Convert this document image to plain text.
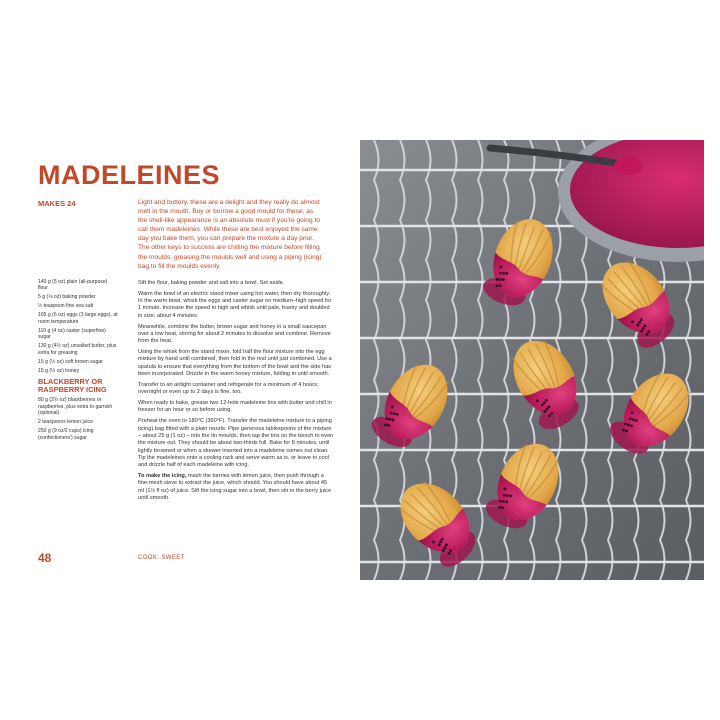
MADELEINES
MAKES 24	Light and buttery, these are a delight and they really do almost melt in the mouth. Buy or borrow a good mould for these, as the shell-like appearance is an absolute must if you're going to call them madeleines. While these are best enjoyed the same day you bake them, you can prepare the mixture a day prior. The other keys to success are chilling the mixture before filling the moulds, greasing the moulds well and using a piping (icing) bag to fill the moulds evenly.

140 g (5 oz) plain (all-purpose) flour
5 g (⅛ oz) baking powder
½ teaspoon fine sea salt
165 g (6 oz) eggs (3 large eggs), at room temperature
110 g (4 oz) caster (superfine) sugar
130 g (4½ oz) unsalted butter, plus extra for greasing
15 g (½ oz) soft brown sugar
15 g (½ oz) honey
BLACKBERRY OR RASPBERRY ICING
80 g (2¾ oz) blackberries or raspberries, plus extra to garnish (optional)
2 teaspoons lemon juice
250 g (9 oz/2 cups) icing (confectioners') sugar

Sift the flour, baking powder and salt into a bowl. Set aside.

Warm the bowl of an electric stand mixer using hot water, then dry thoroughly. In the warm bowl, whisk the eggs and caster sugar on medium–high speed for 1 minute. Increase the speed to high and whisk until pale, foamy and doubled in size, about 4 minutes.

Meanwhile, combine the butter, brown sugar and honey in a small saucepan over a low heat, stirring for about 2 minutes to dissolve and combine. Remove from the heat.

Using the whisk from the stand mixer, fold half the flour mixture into the egg mixture by hand until combined, then fold in the rest until just combined. Use a spatula to ensure that everything from the bottom of the bowl and the side has been incorporated. Drizzle in the warm honey mixture, folding in until smooth.

Transfer to an airtight container and refrigerate for a minimum of 4 hours; overnight or even up to 2 days is fine, too.

When ready to bake, grease two 12-hole madeleine tins with butter and chill in freezer for an hour or so before using.

Preheat the oven to 180°C (360°F). Transfer the madeleine mixture to a piping (icing) bag fitted with a plain nozzle. Pipe generous tablespoons of the mixture – about 25 g (1 oz) – into the tin moulds, then tap the tins on the bench to even the mixture out. They should be about two-thirds full. Bake for 8 minutes, until lightly browned or when a skewer inserted into a madeleine comes out clean. Tip the madeleines onto a cooling rack and serve warm as is, or leave to cool and drizzle half of each madeleine with icing.

To make the icing, mash the berries with lemon juice, then push through a fine-mesh sieve to extract the juice, which should. You should have about 45 ml (1½ fl oz) of juice. Sift the icing sugar into a bowl, then stir in the berry juice until smooth.

48	COOK: SWEET
